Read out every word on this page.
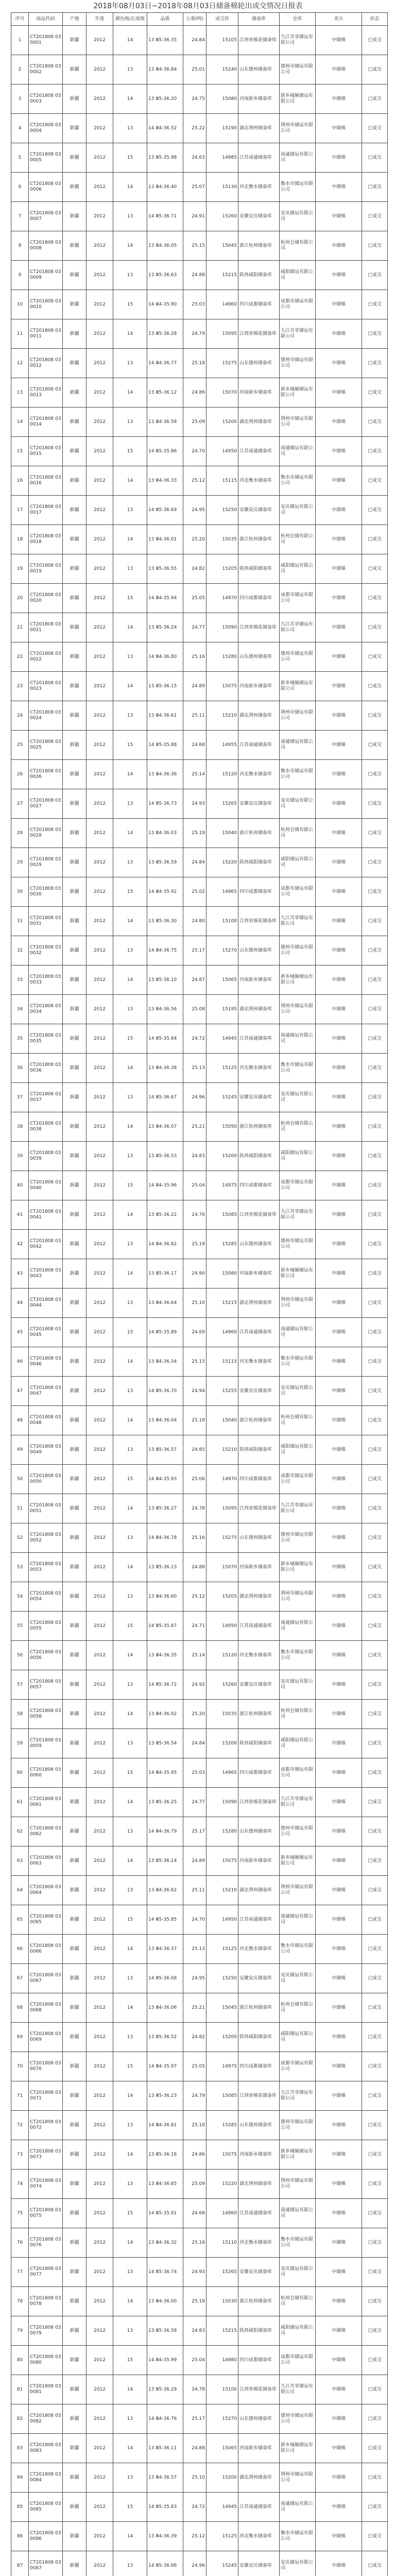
2018年08月03日~2018年08月03日储备棉轮出成交情况日报表
序号	商品代码	产地	年度	颜色级/长度级	品质	公重(吨)	成交价	储备库	仓库	卖方	状态
1	CT201808 030001	新疆	2012	14	13 Ⅲ5-36.35	24.84	15105	江西省棉花储备库	九江共享储运有限公司	中储棉	已成交
2	CT201808 030002	新疆	2012	13	13 Ⅲ4-36.84	25.01	15240	山东德州储备库	德州市储运有限公司	中储棉	已成交
3	CT201808 030003	新疆	2012	14	13 Ⅲ5-36.20	24.75	15080	河南新乡储备库	新乡城厢储运有限公司	中储棉	已成交
4	CT201808 030004	新疆	2012	13	14 Ⅲ4-36.52	25.22	15190	湖北荆州储备库	荆州市储运有限公司	中储棉	已成交
5	CT201808 030005	新疆	2012	15	13 Ⅲ5-35.98	24.63	14985	江苏南通储备库	南通储运有限公司	中储棉	已成交
6	CT201808 030006	新疆	2012	14	13 Ⅲ4-36.40	25.07	15130	河北衡水储备库	衡水市储运有限公司	中储棉	已成交
7	CT201808 030007	新疆	2012	13	14 Ⅲ5-36.71	24.91	15260	安徽安庆储备库	安庆储运有限公司	中储棉	已成交
8	CT201808 030008	新疆	2012	14	13 Ⅲ4-36.05	25.15	15045	浙江杭州储备库	杭州仓储有限公司	中储棉	已成交
9	CT201808 030009	新疆	2012	13	13 Ⅲ5-36.63	24.88	15215	陕西咸阳储备库	咸阳储运有限公司	中储棉	已成交
10	CT201808 030010	新疆	2012	15	14 Ⅲ4-35.90	25.03	14960	四川成都储备库	成都市储运有限公司	中储棉	已成交
11	CT201808 030011	新疆	2012	14	13 Ⅲ5-36.28	24.79	15095	江西省棉花储备库	九江共享储运有限公司	中储棉	已成交
12	CT201808 030012	新疆	2012	13	14 Ⅲ4-36.77	25.18	15275	山东德州储备库	德州市储运有限公司	中储棉	已成交
13	CT201808 030013	新疆	2012	14	13 Ⅲ5-36.12	24.86	15070	河南新乡储备库	新乡城厢储运有限公司	中储棉	已成交
14	CT201808 030014	新疆	2012	13	13 Ⅲ4-36.58	25.09	15200	湖北荆州储备库	荆州市储运有限公司	中储棉	已成交
15	CT201808 030015	新疆	2012	15	14 Ⅲ5-35.86	24.70	14950	江苏南通储备库	南通储运有限公司	中储棉	已成交
16	CT201808 030016	新疆	2012	14	13 Ⅲ4-36.33	25.12	15115	河北衡水储备库	衡水市储运有限公司	中储棉	已成交
17	CT201808 030017	新疆	2012	13	14 Ⅲ5-36.69	24.95	15250	安徽安庆储备库	安庆储运有限公司	中储棉	已成交
18	CT201808 030018	新疆	2012	14	13 Ⅲ4-36.01	25.20	15035	浙江杭州储备库	杭州仓储有限公司	中储棉	已成交
19	CT201808 030019	新疆	2012	13	13 Ⅲ5-36.55	24.82	15205	陕西咸阳储备库	咸阳储运有限公司	中储棉	已成交
20	CT201808 030020	新疆	2012	15	14 Ⅲ4-35.94	25.05	14970	四川成都储备库	成都市储运有限公司	中储棉	已成交
21	CT201808 030021	新疆	2012	14	13 Ⅲ5-36.24	24.77	15090	江西省棉花储备库	九江共享储运有限公司	中储棉	已成交
22	CT201808 030022	新疆	2012	13	14 Ⅲ4-36.80	25.16	15280	山东德州储备库	德州市储运有限公司	中储棉	已成交
23	CT201808 030023	新疆	2012	14	13 Ⅲ5-36.15	24.89	15075	河南新乡储备库	新乡城厢储运有限公司	中储棉	已成交
24	CT201808 030024	新疆	2012	13	13 Ⅲ4-36.61	25.11	15210	湖北荆州储备库	荆州市储运有限公司	中储棉	已成交
25	CT201808 030025	新疆	2012	15	14 Ⅲ5-35.88	24.68	14955	江苏南通储备库	南通储运有限公司	中储棉	已成交
26	CT201808 030026	新疆	2012	14	13 Ⅲ4-36.36	25.14	15120	河北衡水储备库	衡水市储运有限公司	中储棉	已成交
27	CT201808 030027	新疆	2012	13	14 Ⅲ5-36.73	24.93	15265	安徽安庆储备库	安庆储运有限公司	中储棉	已成交
28	CT201808 030028	新疆	2012	14	13 Ⅲ4-36.03	25.19	15040	浙江杭州储备库	杭州仓储有限公司	中储棉	已成交
29	CT201808 030029	新疆	2012	13	13 Ⅲ5-36.59	24.84	15220	陕西咸阳储备库	咸阳储运有限公司	中储棉	已成交
30	CT201808 030030	新疆	2012	15	14 Ⅲ4-35.92	25.02	14965	四川成都储备库	成都市储运有限公司	中储棉	已成交
31	CT201808 030031	新疆	2012	14	13 Ⅲ5-36.30	24.80	15100	江西省棉花储备库	九江共享储运有限公司	中储棉	已成交
32	CT201808 030032	新疆	2012	13	14 Ⅲ4-36.75	25.17	15270	山东德州储备库	德州市储运有限公司	中储棉	已成交
33	CT201808 030033	新疆	2012	14	13 Ⅲ5-36.10	24.87	15065	河南新乡储备库	新乡城厢储运有限公司	中储棉	已成交
34	CT201808 030034	新疆	2012	13	13 Ⅲ4-36.56	25.08	15195	湖北荆州储备库	荆州市储运有限公司	中储棉	已成交
35	CT201808 030035	新疆	2012	15	14 Ⅲ5-35.84	24.72	14945	江苏南通储备库	南通储运有限公司	中储棉	已成交
36	CT201808 030036	新疆	2012	14	13 Ⅲ4-36.38	25.13	15125	河北衡水储备库	衡水市储运有限公司	中储棉	已成交
37	CT201808 030037	新疆	2012	13	14 Ⅲ5-36.67	24.96	15245	安徽安庆储备库	安庆储运有限公司	中储棉	已成交
38	CT201808 030038	新疆	2012	14	13 Ⅲ4-36.07	25.21	15050	浙江杭州储备库	杭州仓储有限公司	中储棉	已成交
39	CT201808 030039	新疆	2012	13	13 Ⅲ5-36.53	24.83	15200	陕西咸阳储备库	咸阳储运有限公司	中储棉	已成交
40	CT201808 030040	新疆	2012	15	14 Ⅲ4-35.96	25.04	14975	四川成都储备库	成都市储运有限公司	中储棉	已成交
41	CT201808 030041	新疆	2012	14	13 Ⅲ5-36.22	24.76	15085	江西省棉花储备库	九江共享储运有限公司	中储棉	已成交
42	CT201808 030042	新疆	2012	13	14 Ⅲ4-36.82	25.19	15285	山东德州储备库	德州市储运有限公司	中储棉	已成交
43	CT201808 030043	新疆	2012	14	13 Ⅲ5-36.17	24.90	15080	河南新乡储备库	新乡城厢储运有限公司	中储棉	已成交
44	CT201808 030044	新疆	2012	13	13 Ⅲ4-36.64	25.10	15215	湖北荆州储备库	荆州市储运有限公司	中储棉	已成交
45	CT201808 030045	新疆	2012	15	14 Ⅲ5-35.89	24.69	14960	江苏南通储备库	南通储运有限公司	中储棉	已成交
46	CT201808 030046	新疆	2012	14	13 Ⅲ4-36.34	25.15	15115	河北衡水储备库	衡水市储运有限公司	中储棉	已成交
47	CT201808 030047	新疆	2012	13	14 Ⅲ5-36.70	24.94	15255	安徽安庆储备库	安庆储运有限公司	中储棉	已成交
48	CT201808 030048	新疆	2012	14	13 Ⅲ4-36.04	25.18	15040	浙江杭州储备库	杭州仓储有限公司	中储棉	已成交
49	CT201808 030049	新疆	2012	13	13 Ⅲ5-36.57	24.85	15210	陕西咸阳储备库	咸阳储运有限公司	中储棉	已成交
50	CT201808 030050	新疆	2012	15	14 Ⅲ4-35.93	25.06	14970	四川成都储备库	成都市储运有限公司	中储棉	已成交
51	CT201808 030051	新疆	2012	14	13 Ⅲ5-36.27	24.78	15095	江西省棉花储备库	九江共享储运有限公司	中储棉	已成交
52	CT201808 030052	新疆	2012	13	14 Ⅲ4-36.78	25.16	15275	山东德州储备库	德州市储运有限公司	中储棉	已成交
53	CT201808 030053	新疆	2012	14	13 Ⅲ5-36.13	24.88	15070	河南新乡储备库	新乡城厢储运有限公司	中储棉	已成交
54	CT201808 030054	新疆	2012	13	13 Ⅲ4-36.60	25.12	15205	湖北荆州储备库	荆州市储运有限公司	中储棉	已成交
55	CT201808 030055	新疆	2012	15	14 Ⅲ5-35.87	24.71	14950	江苏南通储备库	南通储运有限公司	中储棉	已成交
56	CT201808 030056	新疆	2012	14	13 Ⅲ4-36.35	25.14	15120	河北衡水储备库	衡水市储运有限公司	中储棉	已成交
57	CT201808 030057	新疆	2012	13	14 Ⅲ5-36.72	24.92	15260	安徽安庆储备库	安庆储运有限公司	中储棉	已成交
58	CT201808 030058	新疆	2012	14	13 Ⅲ4-36.02	25.20	15035	浙江杭州储备库	杭州仓储有限公司	中储棉	已成交
59	CT201808 030059	新疆	2012	13	13 Ⅲ5-36.54	24.84	15200	陕西咸阳储备库	咸阳储运有限公司	中储棉	已成交
60	CT201808 030060	新疆	2012	15	14 Ⅲ4-35.95	25.03	14965	四川成都储备库	成都市储运有限公司	中储棉	已成交
61	CT201808 030061	新疆	2012	14	13 Ⅲ5-36.25	24.77	15090	江西省棉花储备库	九江共享储运有限公司	中储棉	已成交
62	CT201808 030062	新疆	2012	13	14 Ⅲ4-36.79	25.17	15280	山东德州储备库	德州市储运有限公司	中储棉	已成交
63	CT201808 030063	新疆	2012	14	13 Ⅲ5-36.14	24.89	15075	河南新乡储备库	新乡城厢储运有限公司	中储棉	已成交
64	CT201808 030064	新疆	2012	13	13 Ⅲ4-36.62	25.11	15210	湖北荆州储备库	荆州市储运有限公司	中储棉	已成交
65	CT201808 030065	新疆	2012	15	14 Ⅲ5-35.85	24.70	14950	江苏南通储备库	南通储运有限公司	中储棉	已成交
66	CT201808 030066	新疆	2012	14	13 Ⅲ4-36.37	25.13	15125	河北衡水储备库	衡水市储运有限公司	中储棉	已成交
67	CT201808 030067	新疆	2012	13	14 Ⅲ5-36.68	24.95	15250	安徽安庆储备库	安庆储运有限公司	中储棉	已成交
68	CT201808 030068	新疆	2012	14	13 Ⅲ4-36.06	25.21	15045	浙江杭州储备库	杭州仓储有限公司	中储棉	已成交
69	CT201808 030069	新疆	2012	13	13 Ⅲ5-36.52	24.82	15200	陕西咸阳储备库	咸阳储运有限公司	中储棉	已成交
70	CT201808 030070	新疆	2012	15	14 Ⅲ4-35.97	25.05	14975	四川成都储备库	成都市储运有限公司	中储棉	已成交
71	CT201808 030071	新疆	2012	14	13 Ⅲ5-36.23	24.79	15085	江西省棉花储备库	九江共享储运有限公司	中储棉	已成交
72	CT201808 030072	新疆	2012	13	14 Ⅲ4-36.81	25.18	15285	山东德州储备库	德州市储运有限公司	中储棉	已成交
73	CT201808 030073	新疆	2012	14	13 Ⅲ5-36.16	24.86	15075	河南新乡储备库	新乡城厢储运有限公司	中储棉	已成交
74	CT201808 030074	新疆	2012	13	13 Ⅲ4-36.65	25.09	15220	湖北荆州储备库	荆州市储运有限公司	中储棉	已成交
75	CT201808 030075	新疆	2012	15	14 Ⅲ5-35.91	24.68	14960	江苏南通储备库	南通储运有限公司	中储棉	已成交
76	CT201808 030076	新疆	2012	14	13 Ⅲ4-36.32	25.16	15110	河北衡水储备库	衡水市储运有限公司	中储棉	已成交
77	CT201808 030077	新疆	2012	13	14 Ⅲ5-36.74	24.93	15265	安徽安庆储备库	安庆储运有限公司	中储棉	已成交
78	CT201808 030078	新疆	2012	14	13 Ⅲ4-36.00	25.19	15030	浙江杭州储备库	杭州仓储有限公司	中储棉	已成交
79	CT201808 030079	新疆	2012	13	13 Ⅲ5-36.58	24.83	15215	陕西咸阳储备库	咸阳储运有限公司	中储棉	已成交
80	CT201808 030080	新疆	2012	15	14 Ⅲ4-35.99	25.04	14980	四川成都储备库	成都市储运有限公司	中储棉	已成交
81	CT201808 030081	新疆	2012	14	13 Ⅲ5-36.29	24.78	15100	江西省棉花储备库	九江共享储运有限公司	中储棉	已成交
82	CT201808 030082	新疆	2012	13	14 Ⅲ4-36.76	25.17	15270	山东德州储备库	德州市储运有限公司	中储棉	已成交
83	CT201808 030083	新疆	2012	14	13 Ⅲ5-36.11	24.88	15065	河南新乡储备库	新乡城厢储运有限公司	中储棉	已成交
84	CT201808 030084	新疆	2012	13	13 Ⅲ4-36.57	25.10	15200	湖北荆州储备库	荆州市储运有限公司	中储棉	已成交
85	CT201808 030085	新疆	2012	15	14 Ⅲ5-35.83	24.72	14945	江苏南通储备库	南通储运有限公司	中储棉	已成交
86	CT201808 030086	新疆	2012	14	13 Ⅲ4-36.39	25.12	15125	河北衡水储备库	衡水市储运有限公司	中储棉	已成交
87	CT201808 030087	新疆	2012	13	14 Ⅲ5-36.66	24.96	15245	安徽安庆储备库	安庆储运有限公司	中储棉	已成交
